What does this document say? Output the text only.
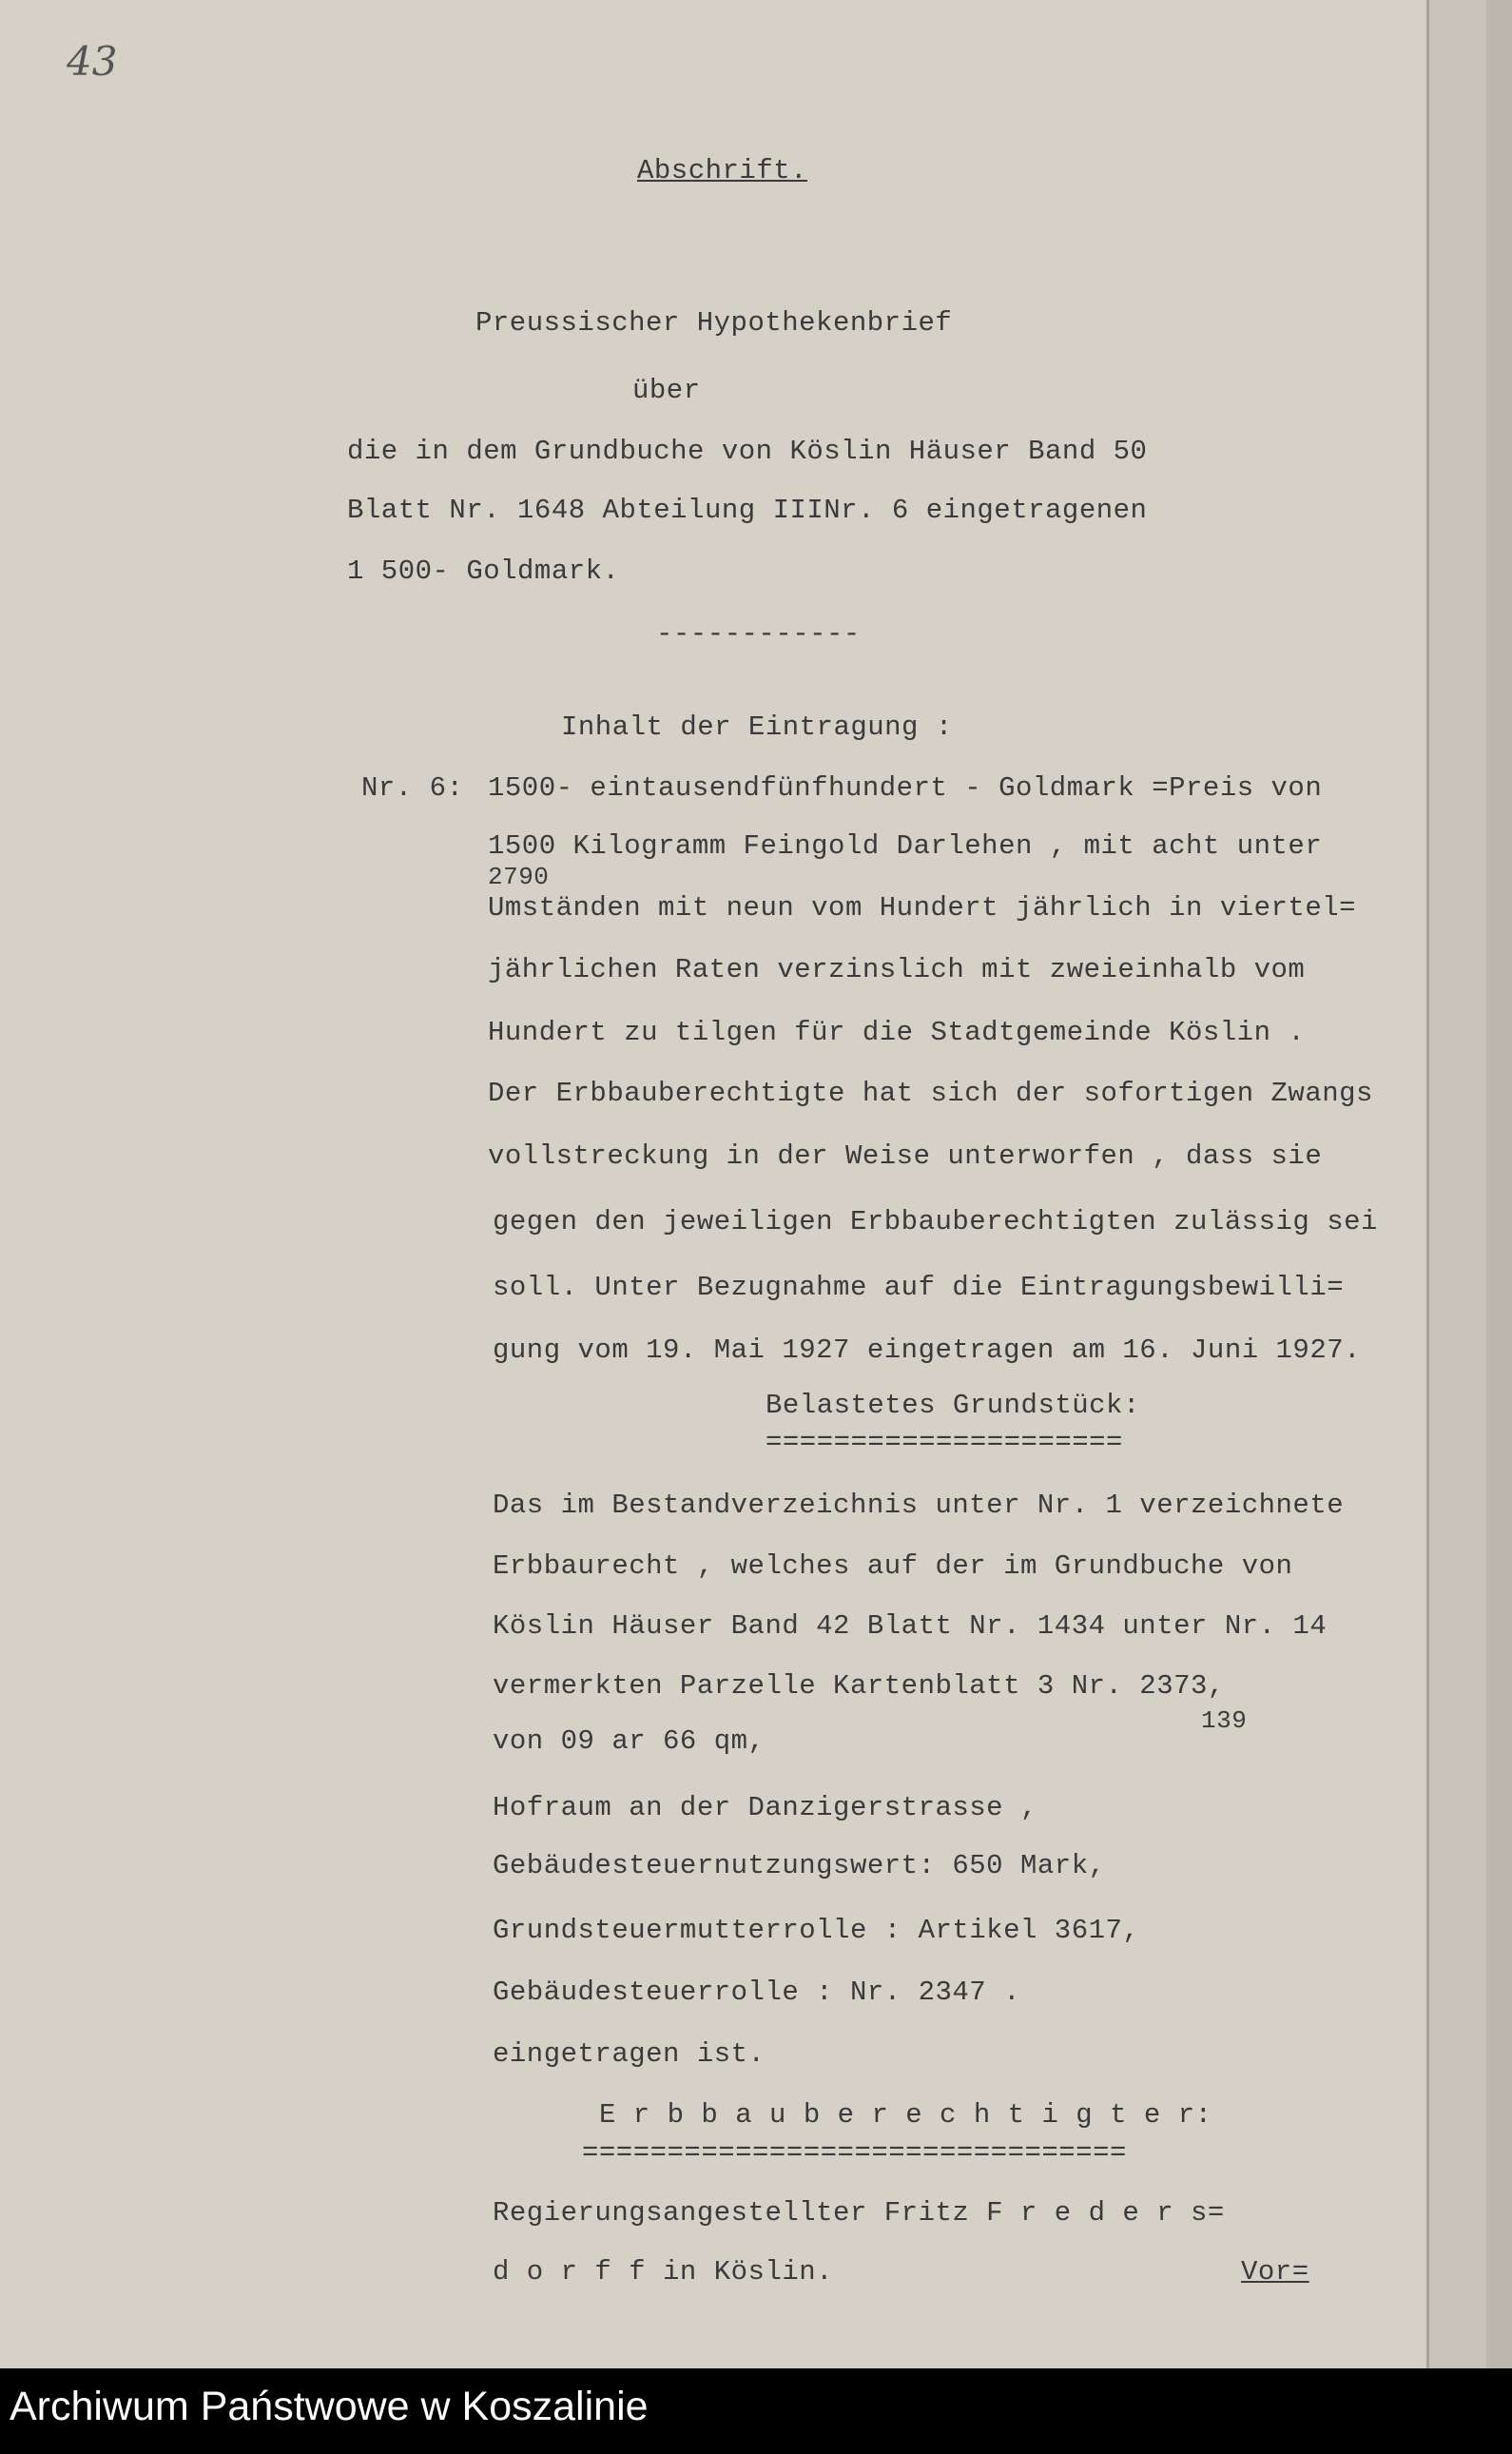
43
Abschrift.
Preussischer Hypothekenbrief
über
die in dem Grundbuche von Köslin Häuser Band 50
Blatt Nr. 1648 Abteilung IIINr. 6 eingetragenen
1 500- Goldmark.
------------
Inhalt der Eintragung :
Nr. 6: 1500- eintausendfünfhundert - Goldmark =Preis von
1500 Kilogramm Feingold Darlehen , mit acht unter
2790
Umständen mit neun vom Hundert jährlich in viertel=
jährlichen Raten verzinslich mit zweieinhalb vom
Hundert zu tilgen für die Stadtgemeinde Köslin .
Der Erbbauberechtigte hat sich der sofortigen Zwangs
vollstreckung in der Weise unterworfen , dass sie
gegen den jeweiligen Erbbauberechtigten zulässig sei
soll. Unter Bezugnahme auf die Eintragungsbewilli=
gung vom 19. Mai 1927 eingetragen am 16. Juni 1927.
Belastetes Grundstück:
=====================
Das im Bestandverzeichnis unter Nr. 1 verzeichnete
Erbbaurecht , welches auf der im Grundbuche von
Köslin Häuser Band 42 Blatt Nr. 1434 unter Nr. 14
vermerkten Parzelle Kartenblatt 3 Nr. 2373,
139
von 09 ar 66 qm,
Hofraum an der Danzigerstrasse ,
Gebäudesteuernutzungswert: 650 Mark,
Grundsteuermutterrolle : Artikel 3617,
Gebäudesteuerrolle : Nr. 2347 .
eingetragen ist.
E r b b a u b e r e c h t i g t e r:
================================
Regierungsangestellter Fritz F r e d e r s=
d o r f f in Köslin.	Vor=
Archiwum Państwowe w Koszalinie
